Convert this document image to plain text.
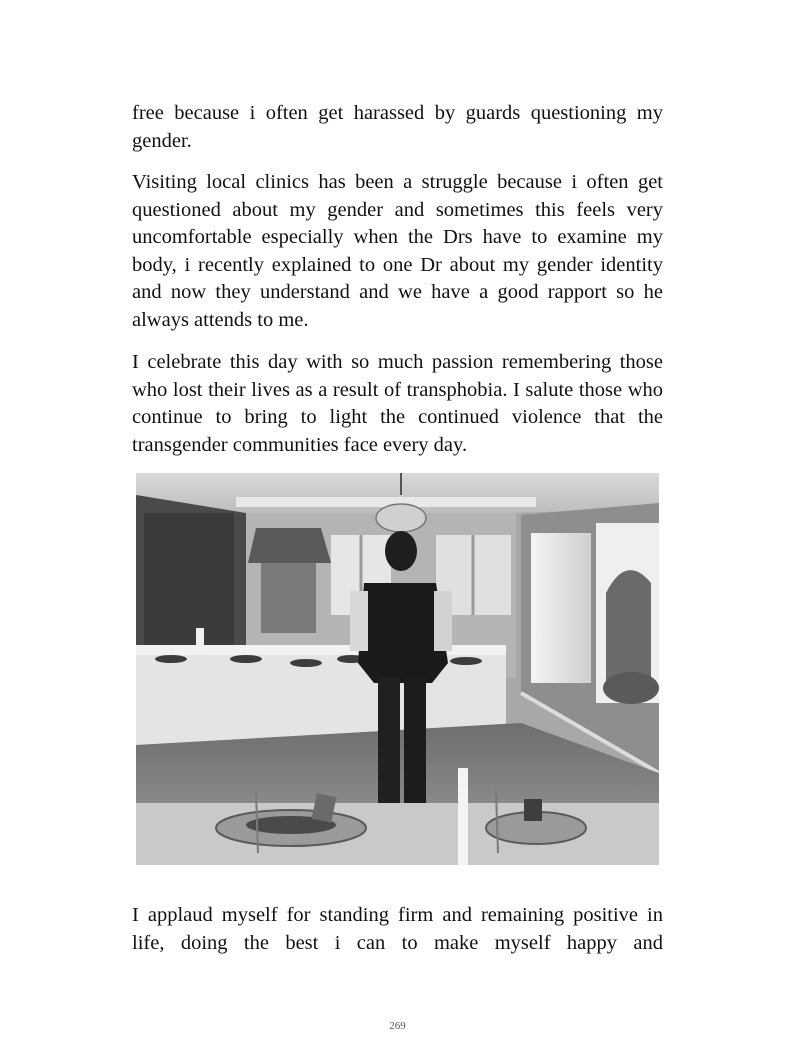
free because i often get harassed by guards questioning my gender.

Visiting local clinics has been a struggle because i often get questioned about my gender and sometimes this feels very uncomfortable especially when the Drs have to examine my body, i recently explained to one Dr about my gender identity and now they understand and we have a good rapport so he always attends to me.

I celebrate this day with so much passion remembering those who lost their lives as a result of transphobia. I salute those who continue to bring to light the continued violence that the transgender communities face every day.

I applaud myself for standing firm and remaining positive in life, doing the best i can to make myself happy and

269
